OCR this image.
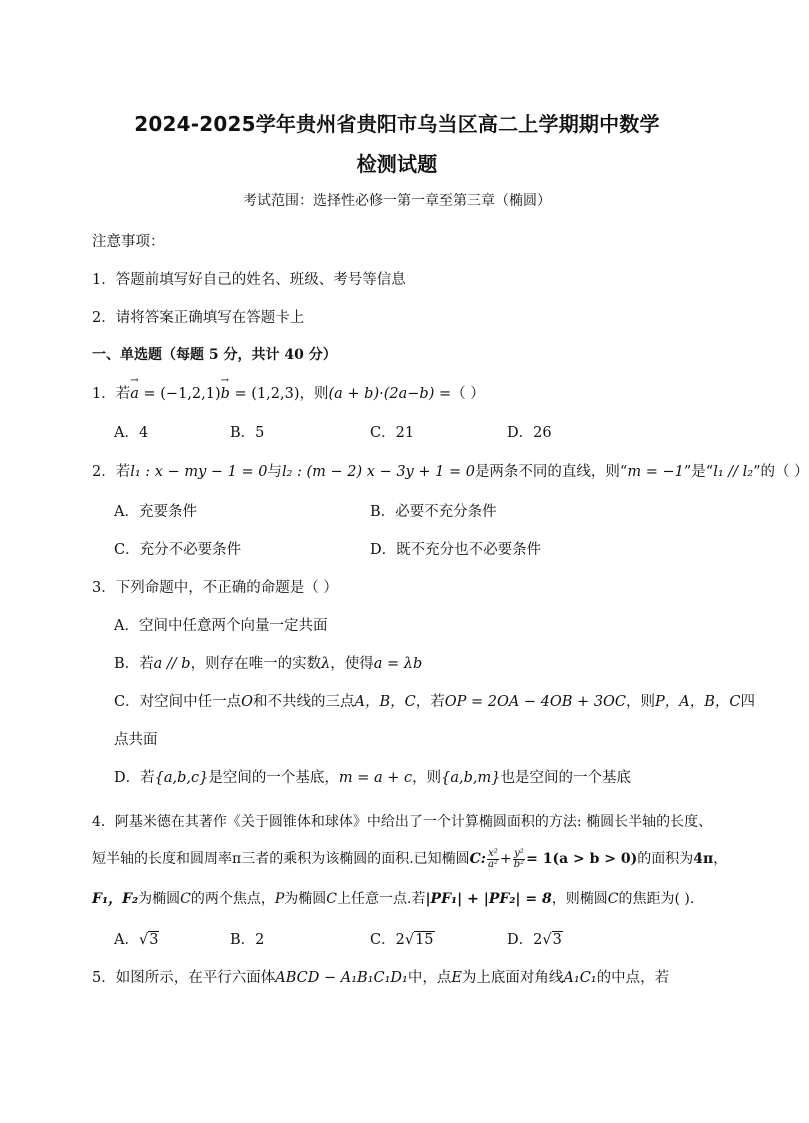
2024-2025学年贵州省贵阳市乌当区高二上学期期中数学
检测试题
考试范围：选择性必修一第一章至第三章（椭圆）
注意事项：
1．答题前填写好自己的姓名、班级、考号等信息
2．请将答案正确填写在答题卡上
一、单选题（每题 5 分，共计 40 分）
1．若→ a = (−1,2,1)→ b = (1,2,3)，则(a + b)·(2a−b) =（ ）
A．4	B．5	C．21	D．26
2．若l₁ : x − my − 1 = 0与l₂ : (m − 2) x − 3y + 1 = 0是两条不同的直线，则“m = −1”是“l₁ // l₂”的（ ）
A．充要条件	B．必要不充分条件
C．充分不必要条件	D．既不充分也不必要条件
3．下列命题中，不正确的命题是（ ）
A．空间中任意两个向量一定共面
B．若a // b，则存在唯一的实数λ，使得a = λb
C．对空间中任一点O和不共线的三点A，B，C，若OP = 2OA − 4OB + 3OC，则P，A，B，C四
点共面
D．若{a,b,c}是空间的一个基底，m = a + c，则{a,b,m}也是空间的一个基底
4．阿基米德在其著作《关于圆锥体和球体》中给出了一个计算椭圆面积的方法: 椭圆长半轴的长度、
短半轴的长度和圆周率π三者的乘积为该椭圆的面积.已知椭圆C: $\frac{\text{x²}}{\text{a²}} + \frac{\text{y²}}{\text{b²}} = 1(a > b > 0)$的面积为4π，
F₁，F₂为椭圆C的两个焦点，P为椭圆C上任意一点.若|PF₁| + |PF₂| = 8，则椭圆C的焦距为( ).
A．√3	B．2	C．2√15	D．2√3
5．如图所示，在平行六面体ABCD − A₁B₁C₁D₁中，点E为上底面对角线A₁C₁的中点，若
